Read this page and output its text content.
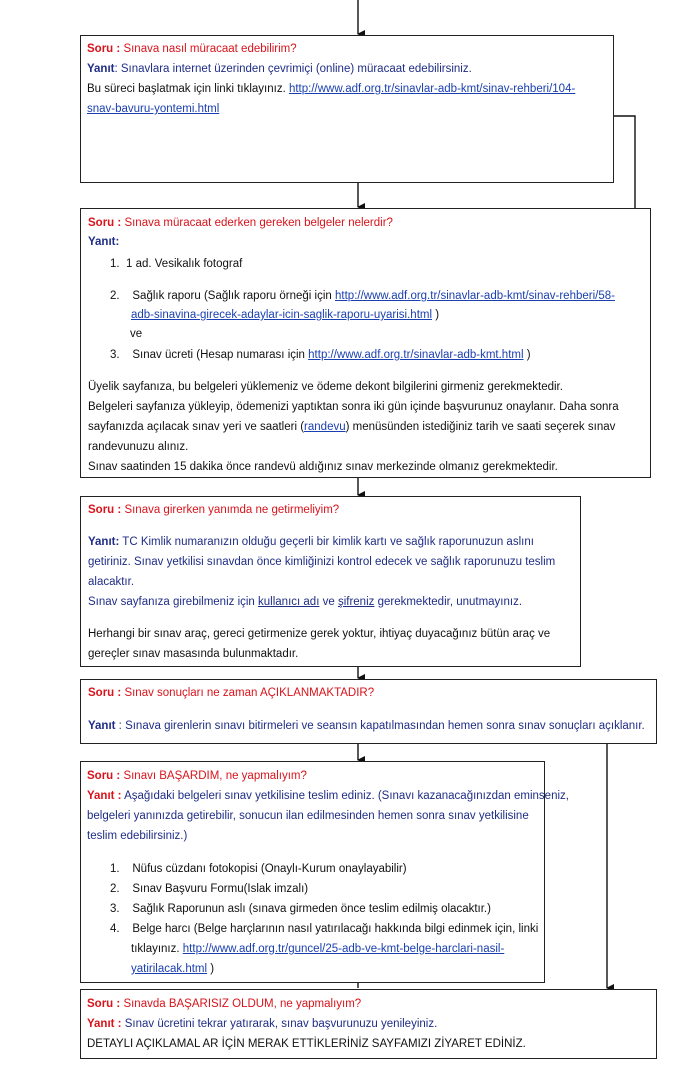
Soru : Sınava nasıl müracaat edebilirim?
Yanıt: Sınavlara internet üzerinden çevrimiçi (online) müracaat edebilirsiniz.
Bu süreci başlatmak için linki tıklayınız. http://www.adf.org.tr/sinavlar-adb-kmt/sinav-rehberi/104-
snav-bavuru-yontemi.html
Soru : Sınava müracaat ederken gereken belgeler nelerdir?
Yanıt:
1. 1 ad. Vesikalık fotograf
2. Sağlık raporu (Sağlık raporu örneği için http://www.adf.org.tr/sinavlar-adb-kmt/sinav-rehberi/58-
adb-sinavina-girecek-adaylar-icin-saglik-raporu-uyarisi.html )
ve
3. Sınav ücreti (Hesap numarası için http://www.adf.org.tr/sinavlar-adb-kmt.html )
Üyelik sayfanıza, bu belgeleri yüklemeniz ve ödeme dekont bilgilerini girmeniz gerekmektedir.
Belgeleri sayfanıza yükleyip, ödemenizi yaptıktan sonra iki gün içinde başvurunuz onaylanır. Daha sonra
sayfanızda açılacak sınav yeri ve saatleri (randevu) menüsünden istediğiniz tarih ve saati seçerek sınav
randevunuzu alınız.
Sınav saatinden 15 dakika önce randevü aldığınız sınav merkezinde olmanız gerekmektedir.
Soru : Sınava girerken yanımda ne getirmeliyim?
Yanıt: TC Kimlik numaranızın olduğu geçerli bir kimlik kartı ve sağlık raporunuzun aslını
getiriniz. Sınav yetkilisi sınavdan önce kimliğinizi kontrol edecek ve sağlık raporunuzu teslim
alacaktır.
Sınav sayfanıza girebilmeniz için kullanıcı adı ve şifreniz gerekmektedir, unutmayınız.
Herhangi bir sınav araç, gereci getirmenize gerek yoktur, ihtiyaç duyacağınız bütün araç ve
gereçler sınav masasında bulunmaktadır.
Soru : Sınav sonuçları ne zaman AÇIKLANMAKTADIR?
Yanıt : Sınava girenlerin sınavı bitirmeleri ve seansın kapatılmasından hemen sonra sınav sonuçları açıklanır.
Soru : Sınavı BAŞARDIM, ne yapmalıyım?
Yanıt : Aşağıdaki belgeleri sınav yetkilisine teslim ediniz. (Sınavı kazanacağınızdan eminseniz,
belgeleri yanınızda getirebilir, sonucun ilan edilmesinden hemen sonra sınav yetkilisine
teslim edebilirsiniz.)
1. Nüfus cüzdanı fotokopisi (Onaylı-Kurum onaylayabilir)
2. Sınav Başvuru Formu(Islak imzalı)
3. Sağlık Raporunun aslı (sınava girmeden önce teslim edilmiş olacaktır.)
4. Belge harcı (Belge harçlarının nasıl yatırılacağı hakkında bilgi edinmek için, linki
tıklayınız. http://www.adf.org.tr/guncel/25-adb-ve-kmt-belge-harclari-nasil-
yatirilacak.html )
Soru : Sınavda BAŞARISIZ OLDUM, ne yapmalıyım?
Yanıt : Sınav ücretini tekrar yatırarak, sınav başvurunuzu yenileyiniz.
DETAYLI AÇIKLAMAL AR İÇİN MERAK ETTİKLERİNİZ SAYFAMIZI ZİYARET EDİNİZ.
